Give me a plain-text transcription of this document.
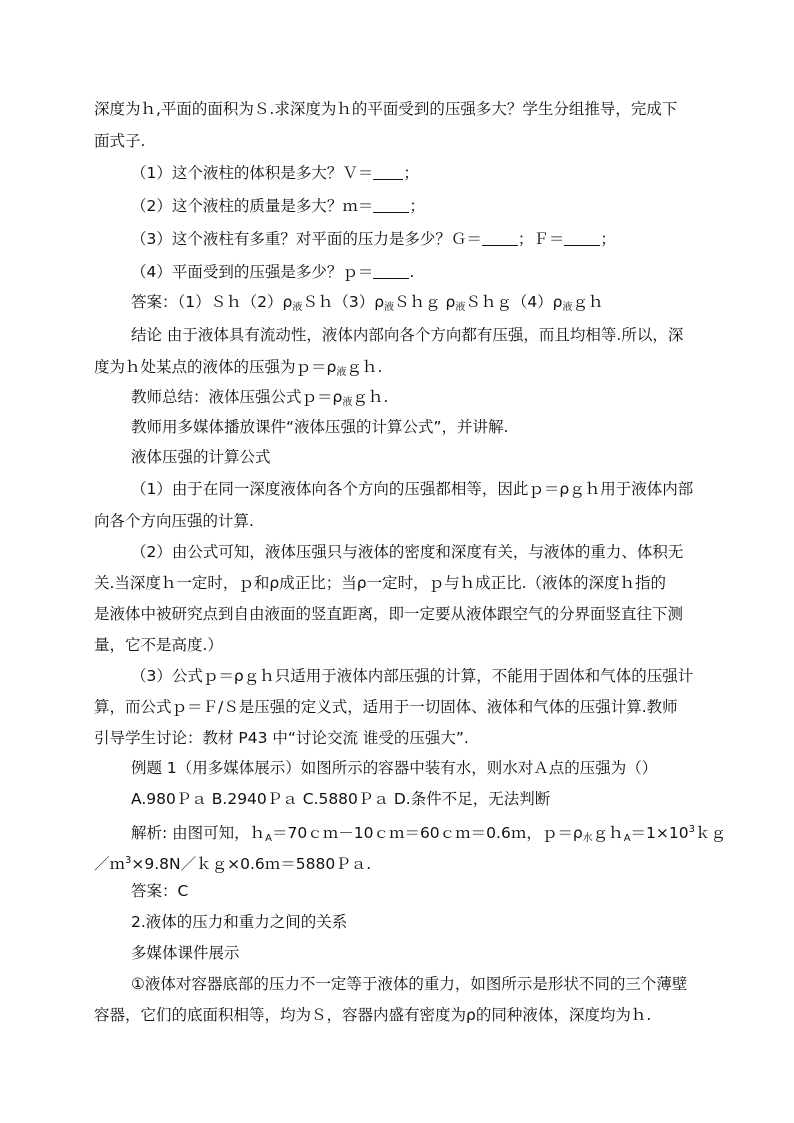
深度为ｈ,平面的面积为Ｓ.求深度为ｈ的平面受到的压强多大？学生分组推导，完成下
面式子.
（1）这个液柱的体积是多大？Ｖ＝ ；
（2）这个液柱的质量是多大？ｍ＝ ；
（3）这个液柱有多重？对平面的压力是多少？Ｇ＝ ；Ｆ＝ ；
（4）平面受到的压强是多少？ｐ＝ .
答案：$(1)Sh(2)\rho_液Sh(3)\rho_液Shg$ $\rho_液Shg(4)\rho_液gh$
结论 由于液体具有流动性，液体内部向各个方向都有压强，而且均相等.所以，深
度为ｈ处某点的液体的压强为$p=\rho_液gh$.
教师总结：液体压强公式$p=\rho_液gh$.
教师用多媒体播放课件“液体压强的计算公式”，并讲解.
液体压强的计算公式
（1）由于在同一深度液体向各个方向的压强都相等，因此ｐ＝ρｇｈ用于液体内部
向各个方向压强的计算.
（2）由公式可知，液体压强只与液体的密度和深度有关，与液体的重力、体积无
关.当深度ｈ一定时，ｐ和ρ成正比；当ρ一定时，ｐ与ｈ成正比.（液体的深度ｈ指的
是液体中被研究点到自由液面的竖直距离，即一定要从液体跟空气的分界面竖直往下测
量，它不是高度.）
（3）公式ｐ＝ρｇｈ只适用于液体内部压强的计算，不能用于固体和气体的压强计
算，而公式ｐ＝Ｆ/Ｓ是压强的定义式，适用于一切固体、液体和气体的压强计算.教师
引导学生讨论：教材 P43 中“讨论交流 谁受的压强大”.
例题 1（用多媒体展示）如图所示的容器中装有水，则水对Ａ点的压强为（）
A.980Ｐａ B.2940Ｐａ C.5880Ｐａ D.条件不足，无法判断
解析: 由图可知，ｈ$_A$＝70ｃｍ－10ｃｍ＝60ｃｍ＝0.6ｍ，$p=\rho_水gh_A=1\times 10^3kg$
／ｍ$^3$×9.8N／ｋｇ×0.6ｍ＝5880Ｐａ.
答案：C
2.液体的压力和重力之间的关系
多媒体课件展示
①液体对容器底部的压力不一定等于液体的重力，如图所示是形状不同的三个薄壁
容器，它们的底面积相等，均为Ｓ，容器内盛有密度为ρ的同种液体，深度均为ｈ.
